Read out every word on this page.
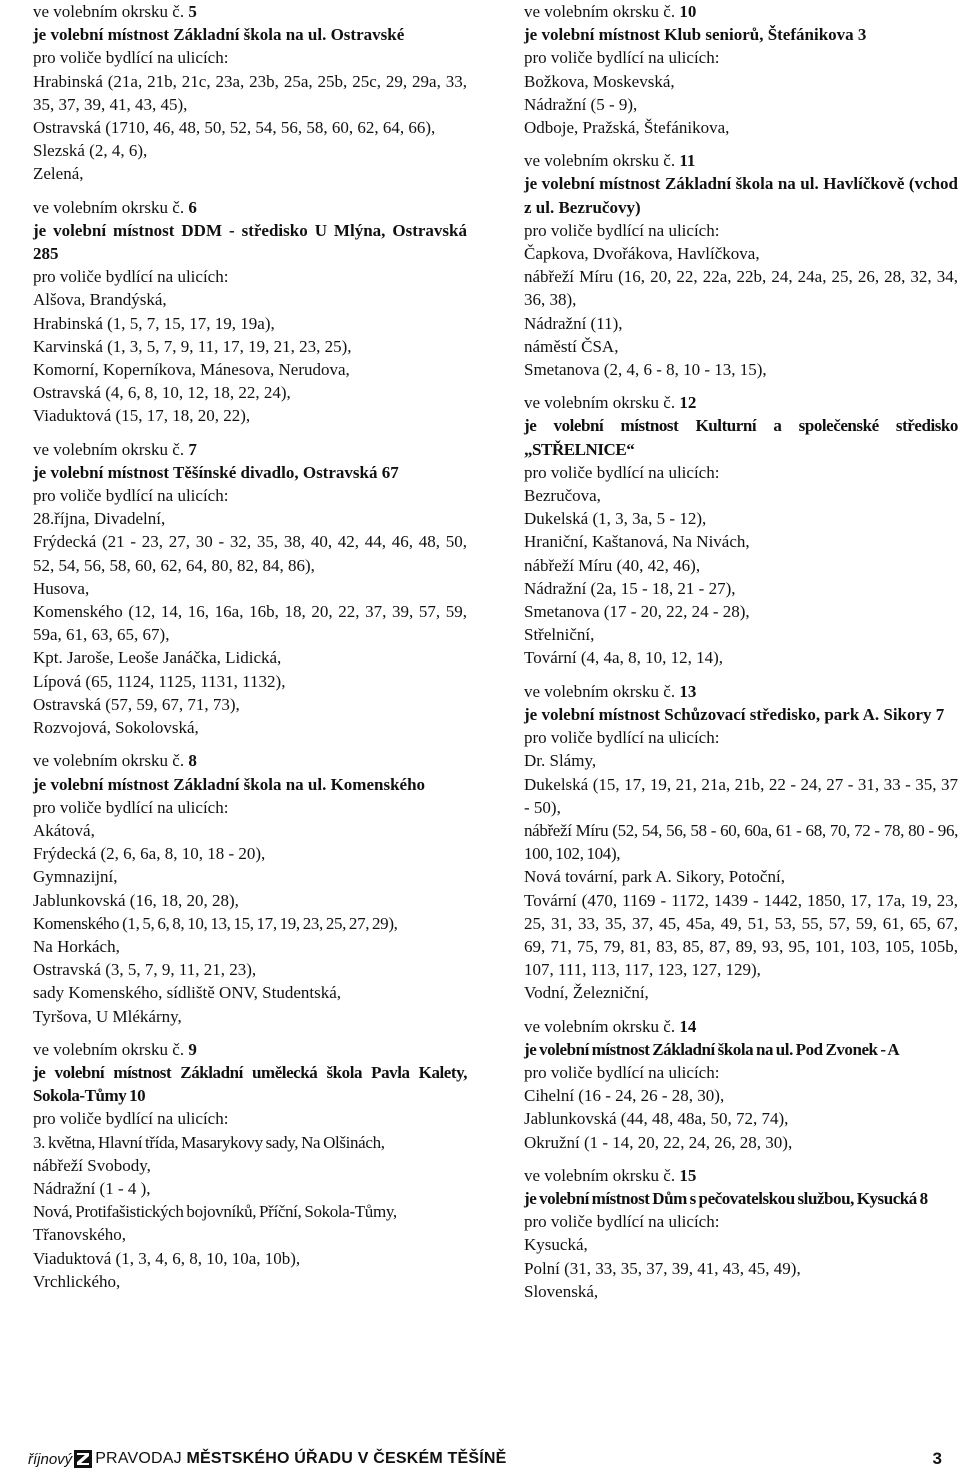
ve volebním okrsku č. 5
je volební místnost Základní škola na ul. Ostravské
pro voliče bydlící na ulicích:
Hrabinská (21a, 21b, 21c, 23a, 23b, 25a, 25b, 25c, 29, 29a, 33, 35, 37, 39, 41, 43, 45),
Ostravská (1710, 46, 48, 50, 52, 54, 56, 58, 60, 62, 64, 66),
Slezská (2, 4, 6),
Zelená,
ve volebním okrsku č. 6
je volební místnost DDM - středisko U Mlýna, Ostravská 285
pro voliče bydlící na ulicích:
Alšova, Brandýská,
Hrabinská (1, 5, 7, 15, 17, 19, 19a),
Karvinská (1, 3, 5, 7, 9, 11, 17, 19, 21, 23, 25),
Komorní, Koperníkova, Mánesova, Nerudova,
Ostravská (4, 6, 8, 10, 12, 18, 22, 24),
Viaduktová (15, 17, 18, 20, 22),
ve volebním okrsku č. 7
je volební místnost Těšínské divadlo, Ostravská 67
pro voliče bydlící na ulicích:
28.října, Divadelní,
Frýdecká (21 - 23, 27, 30 - 32, 35, 38, 40, 42, 44, 46, 48, 50, 52, 54, 56, 58, 60, 62, 64, 80, 82, 84, 86),
Husova,
Komenského (12, 14, 16, 16a, 16b, 18, 20, 22, 37, 39, 57, 59, 59a, 61, 63, 65, 67),
Kpt. Jaroše, Leoše Janáčka, Lidická,
Lípová (65, 1124, 1125, 1131, 1132),
Ostravská (57, 59, 67, 71, 73),
Rozvojová, Sokolovská,
ve volebním okrsku č. 8
je volební místnost Základní škola na ul. Komenského
pro voliče bydlící na ulicích:
Akátová,
Frýdecká (2, 6, 6a, 8, 10, 18 - 20),
Gymnazijní,
Jablunkovská (16, 18, 20, 28),
Komenského (1, 5, 6, 8, 10, 13, 15, 17, 19, 23, 25, 27, 29),
Na Horkách,
Ostravská (3, 5, 7, 9, 11, 21, 23),
sady Komenského, sídliště ONV, Studentská,
Tyršova, U Mlékárny,
ve volebním okrsku č. 9
je volební místnost Základní umělecká škola Pavla Kalety, Sokola-Tůmy 10
pro voliče bydlící na ulicích:
3. května, Hlavní třída, Masarykovy sady, Na Olšinách,
nábřeží Svobody,
Nádražní (1 - 4 ),
Nová, Protifašistických bojovníků, Příční, Sokola-Tůmy,
Třanovského,
Viaduktová (1, 3, 4, 6, 8, 10, 10a, 10b),
Vrchlického,
ve volebním okrsku č. 10
je volební místnost Klub seniorů, Štefánikova 3
pro voliče bydlící na ulicích:
Božkova, Moskevská,
Nádražní (5 - 9),
Odboje, Pražská, Štefánikova,
ve volebním okrsku č. 11
je volební místnost Základní škola na ul. Havlíčkově (vchod z ul. Bezručovy)
pro voliče bydlící na ulicích:
Čapkova, Dvořákova, Havlíčkova,
nábřeží Míru (16, 20, 22, 22a, 22b, 24, 24a, 25, 26, 28, 32, 34, 36, 38),
Nádražní (11),
náměstí ČSA,
Smetanova (2, 4, 6 - 8, 10 - 13, 15),
ve volebním okrsku č. 12
je volební místnost Kulturní a společenské středisko „STŘELNICE“
pro voliče bydlící na ulicích:
Bezručova,
Dukelská (1, 3, 3a, 5 - 12),
Hraniční, Kaštanová, Na Nivách,
nábřeží Míru (40, 42, 46),
Nádražní (2a, 15 - 18, 21 - 27),
Smetanova (17 - 20, 22, 24 - 28),
Střelniční,
Tovární (4, 4a, 8, 10, 12, 14),
ve volebním okrsku č. 13
je volební místnost Schůzovací středisko, park A. Sikory 7
pro voliče bydlící na ulicích:
Dr. Slámy,
Dukelská (15, 17, 19, 21, 21a, 21b, 22 - 24, 27 - 31, 33 - 35, 37 - 50),
nábřeží Míru (52, 54, 56, 58 - 60, 60a, 61 - 68, 70, 72 - 78, 80 - 96, 100, 102, 104),
Nová tovární, park A. Sikory, Potoční,
Tovární (470, 1169 - 1172, 1439 - 1442, 1850, 17, 17a, 19, 23, 25, 31, 33, 35, 37, 45, 45a, 49, 51, 53, 55, 57, 59, 61, 65, 67, 69, 71, 75, 79, 81, 83, 85, 87, 89, 93, 95, 101, 103, 105, 105b, 107, 111, 113, 117, 123, 127, 129),
Vodní, Železniční,
ve volebním okrsku č. 14
je volební místnost Základní škola na ul. Pod Zvonek - A
pro voliče bydlící na ulicích:
Cihelní (16 - 24, 26 - 28, 30),
Jablunkovská (44, 48, 48a, 50, 72, 74),
Okružní (1 - 14, 20, 22, 24, 26, 28, 30),
ve volebním okrsku č. 15
je volební místnost Dům s pečovatelskou službou, Kysucká 8
pro voliče bydlící na ulicích:
Kysucká,
Polní (31, 33, 35, 37, 39, 41, 43, 45, 49),
Slovenská,
říjnový PRAVODAJ MĚSTSKÉHO ÚŘADU V ČESKÉM TĚŠÍNĚ	3
